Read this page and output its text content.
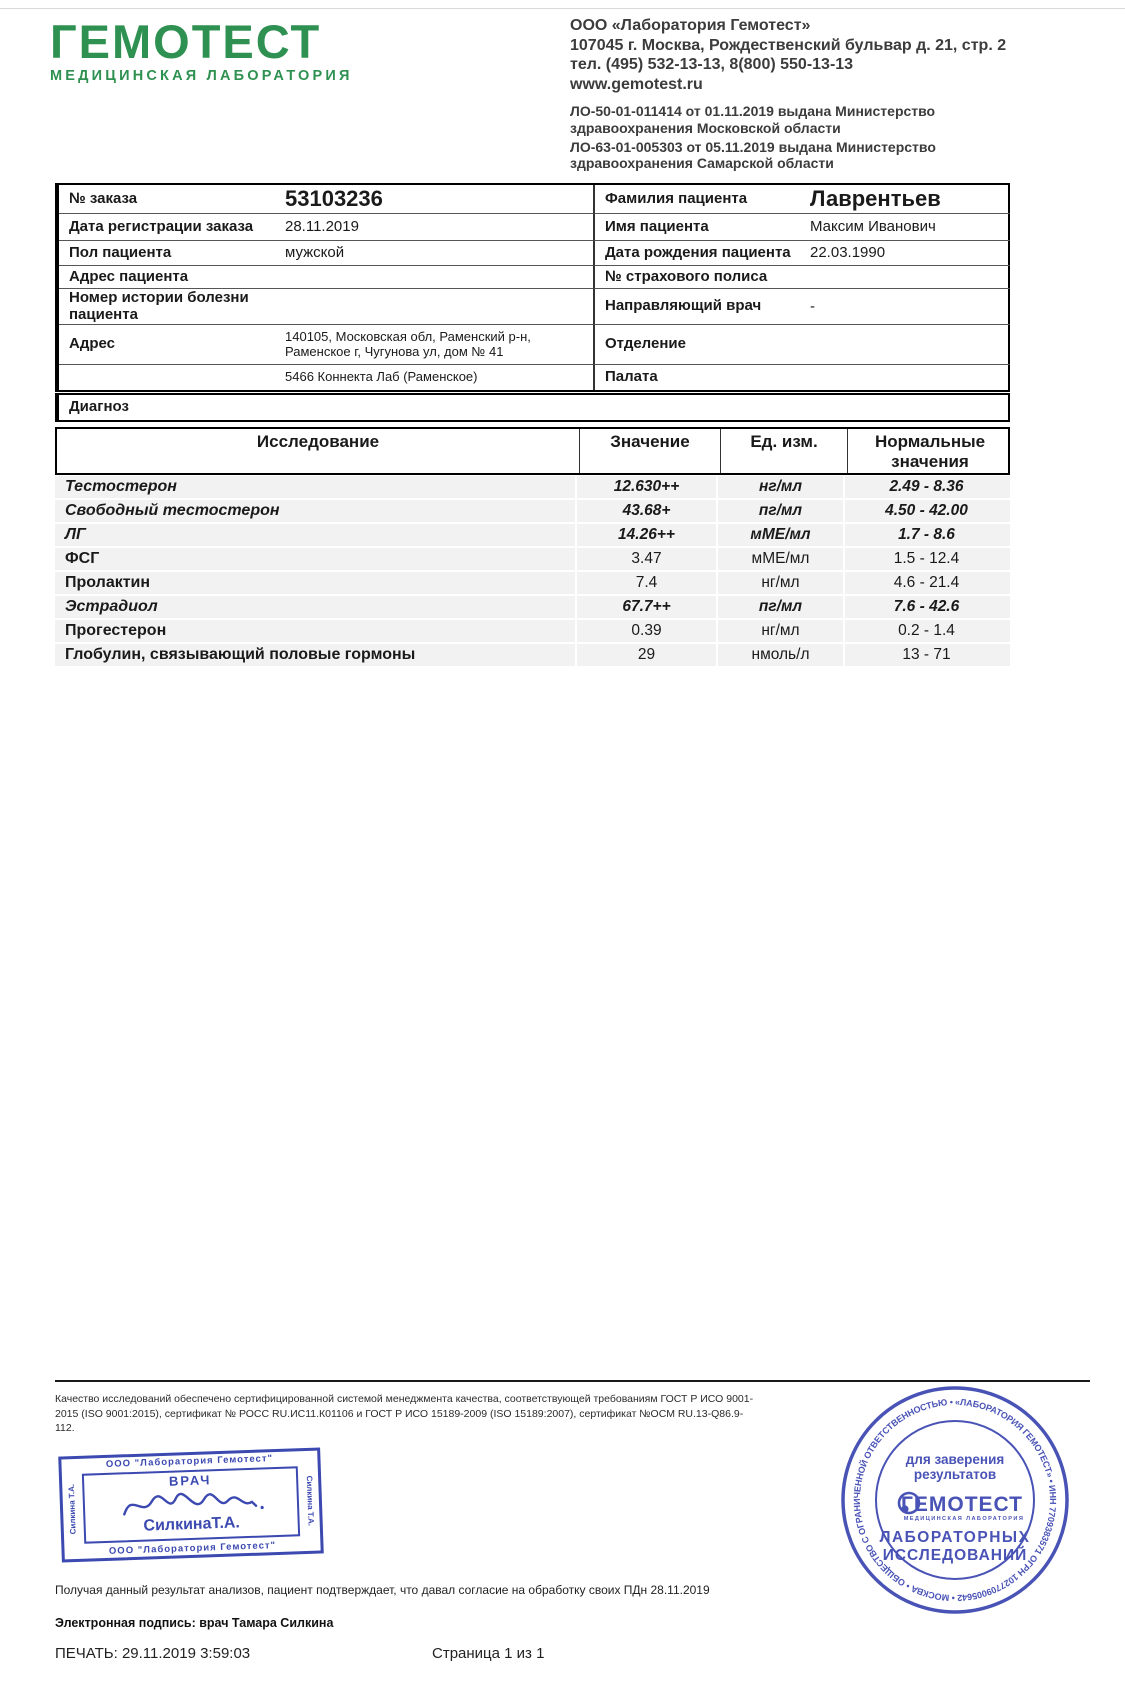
ГЕМОТЕСТ
МЕДИЦИНСКАЯ ЛАБОРАТОРИЯ
ООО «Лаборатория Гемотест»
107045 г. Москва, Рождественский бульвар д. 21, стр. 2
тел. (495) 532-13-13, 8(800) 550-13-13
www.gemotest.ru
ЛО-50-01-011414 от 01.11.2019 выдана Министерство здравоохранения Московской области
ЛО-63-01-005303 от 05.11.2019 выдана Министерство здравоохранения Самарской области
№ заказа	53103236	Фамилия пациента	Лаврентьев
Дата регистрации заказа	28.11.2019	Имя пациента	Максим Иванович
Пол пациента	мужской	Дата рождения пациента	22.03.1990
Адрес пациента	№ страхового полиса
Номер истории болезни пациента	Направляющий врач	-
Адрес	140105, Московская обл, Раменский р-н, Раменское г, Чугунова ул, дом № 41	Отделение
5466 Коннекта Лаб (Раменское)	Палата
Диагноз
Исследование	Значение	Ед. изм.	Нормальные значения
Тестостерон	12.630++	нг/мл	2.49 - 8.36
Свободный тестостерон	43.68+	пг/мл	4.50 - 42.00
ЛГ	14.26++	мМЕ/мл	1.7 - 8.6
ФСГ	3.47	мМЕ/мл	1.5 - 12.4
Пролактин	7.4	нг/мл	4.6 - 21.4
Эстрадиол	67.7++	пг/мл	7.6 - 42.6
Прогестерон	0.39	нг/мл	0.2 - 1.4
Глобулин, связывающий половые гормоны	29	нмоль/л	13 - 71
Качество исследований обеспечено сертифицированной системой менеджмента качества, соответствующей требованиям ГОСТ Р ИСО 9001-2015 (ISO 9001:2015), сертификат № РОСС RU.ИС11.К01106 и ГОСТ Р ИСО 15189-2009 (ISO 15189:2007), сертификат №ОСМ RU.13-Q86.9-112.
ООО "Лаборатория Гемотест"
ООО "Лаборатория Гемотест"
Силкина Т.А.	Силкина Т.А.
ВРАЧ
СилкинаТ.А.
«ЛАБОРАТОРИЯ ГЕМОТЕСТ» • ИНН 7709383571 ОГРН 1027709005642 • МОСКВА • ОБЩЕСТВО С ОГРАНИЧЕННОЙ ОТВЕТСТВЕННОСТЬЮ •
для заверения
результатов
ГЕМОТЕСТ
МЕДИЦИНСКАЯ ЛАБОРАТОРИЯ
ЛАБОРАТОРНЫХ
ИССЛЕДОВАНИЙ
Получая данный результат анализов, пациент подтверждает, что давал согласие на обработку своих ПДн 28.11.2019
Электронная подпись: врач Тамара Силкина
ПЕЧАТЬ: 29.11.2019 3:59:03	Страница 1 из 1
